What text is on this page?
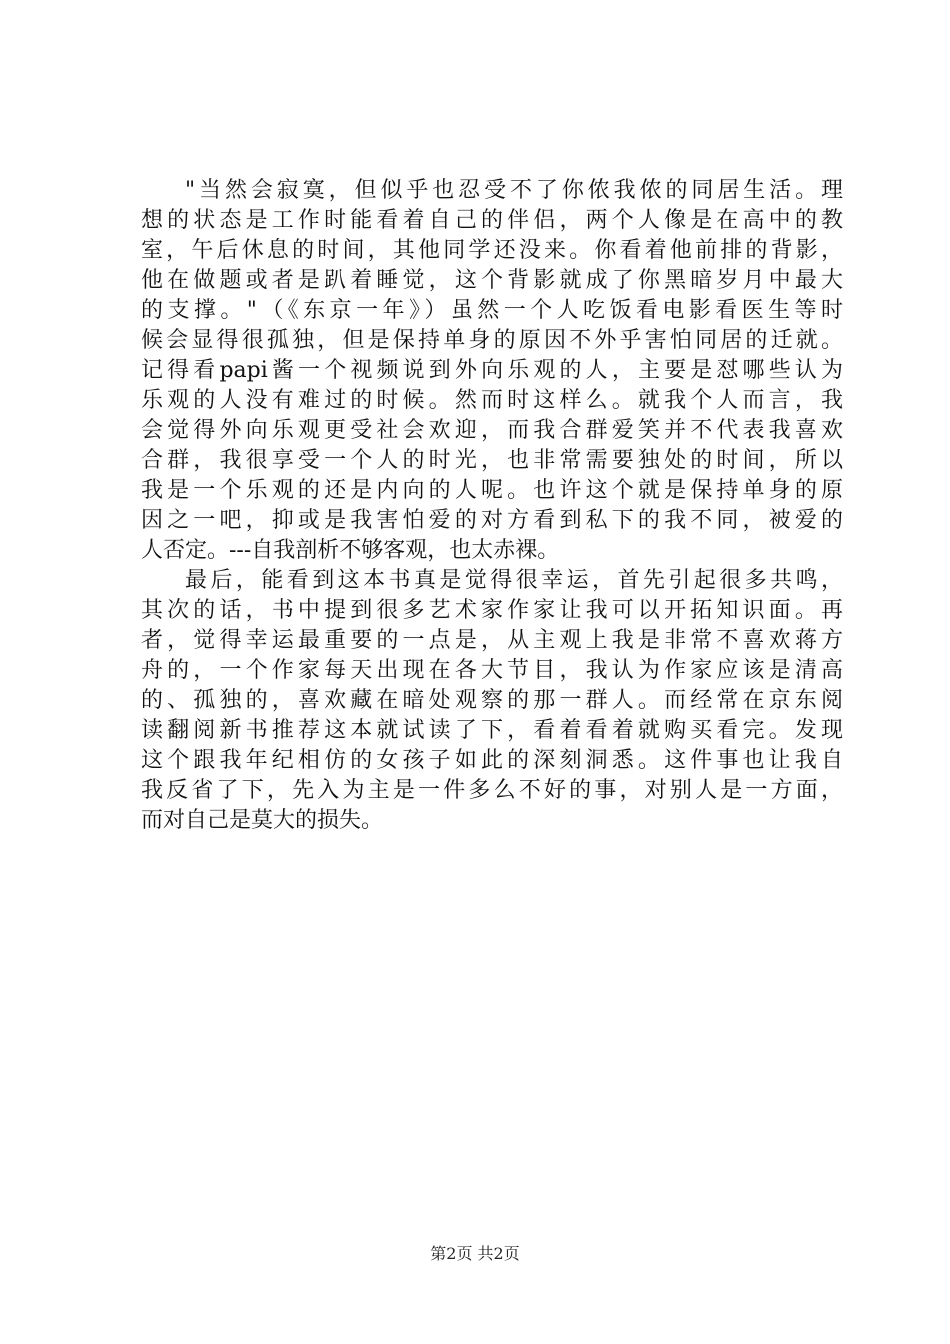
"当然会寂寞，但似乎也忍受不了你侬我侬的同居生活。理
想的状态是工作时能看着自己的伴侣，两个人像是在高中的教
室，午后休息的时间，其他同学还没来。你看着他前排的背影，
他在做题或者是趴着睡觉，这个背影就成了你黑暗岁月中最大
的支撑。"（《东京一年》）虽然一个人吃饭看电影看医生等时
候会显得很孤独，但是保持单身的原因不外乎害怕同居的迁就。
记得看papi酱一个视频说到外向乐观的人，主要是怼哪些认为
乐观的人没有难过的时候。然而时这样么。就我个人而言，我
会觉得外向乐观更受社会欢迎，而我合群爱笑并不代表我喜欢
合群，我很享受一个人的时光，也非常需要独处的时间，所以
我是一个乐观的还是内向的人呢。也许这个就是保持单身的原
因之一吧，抑或是我害怕爱的对方看到私下的我不同，被爱的
人否定。---自我剖析不够客观，也太赤裸。
最后，能看到这本书真是觉得很幸运，首先引起很多共鸣，
其次的话，书中提到很多艺术家作家让我可以开拓知识面。再
者，觉得幸运最重要的一点是，从主观上我是非常不喜欢蒋方
舟的，一个作家每天出现在各大节目，我认为作家应该是清高
的、孤独的，喜欢藏在暗处观察的那一群人。而经常在京东阅
读翻阅新书推荐这本就试读了下，看着看着就购买看完。发现
这个跟我年纪相仿的女孩子如此的深刻洞悉。这件事也让我自
我反省了下，先入为主是一件多么不好的事，对别人是一方面，
而对自己是莫大的损失。
第2页 共2页
